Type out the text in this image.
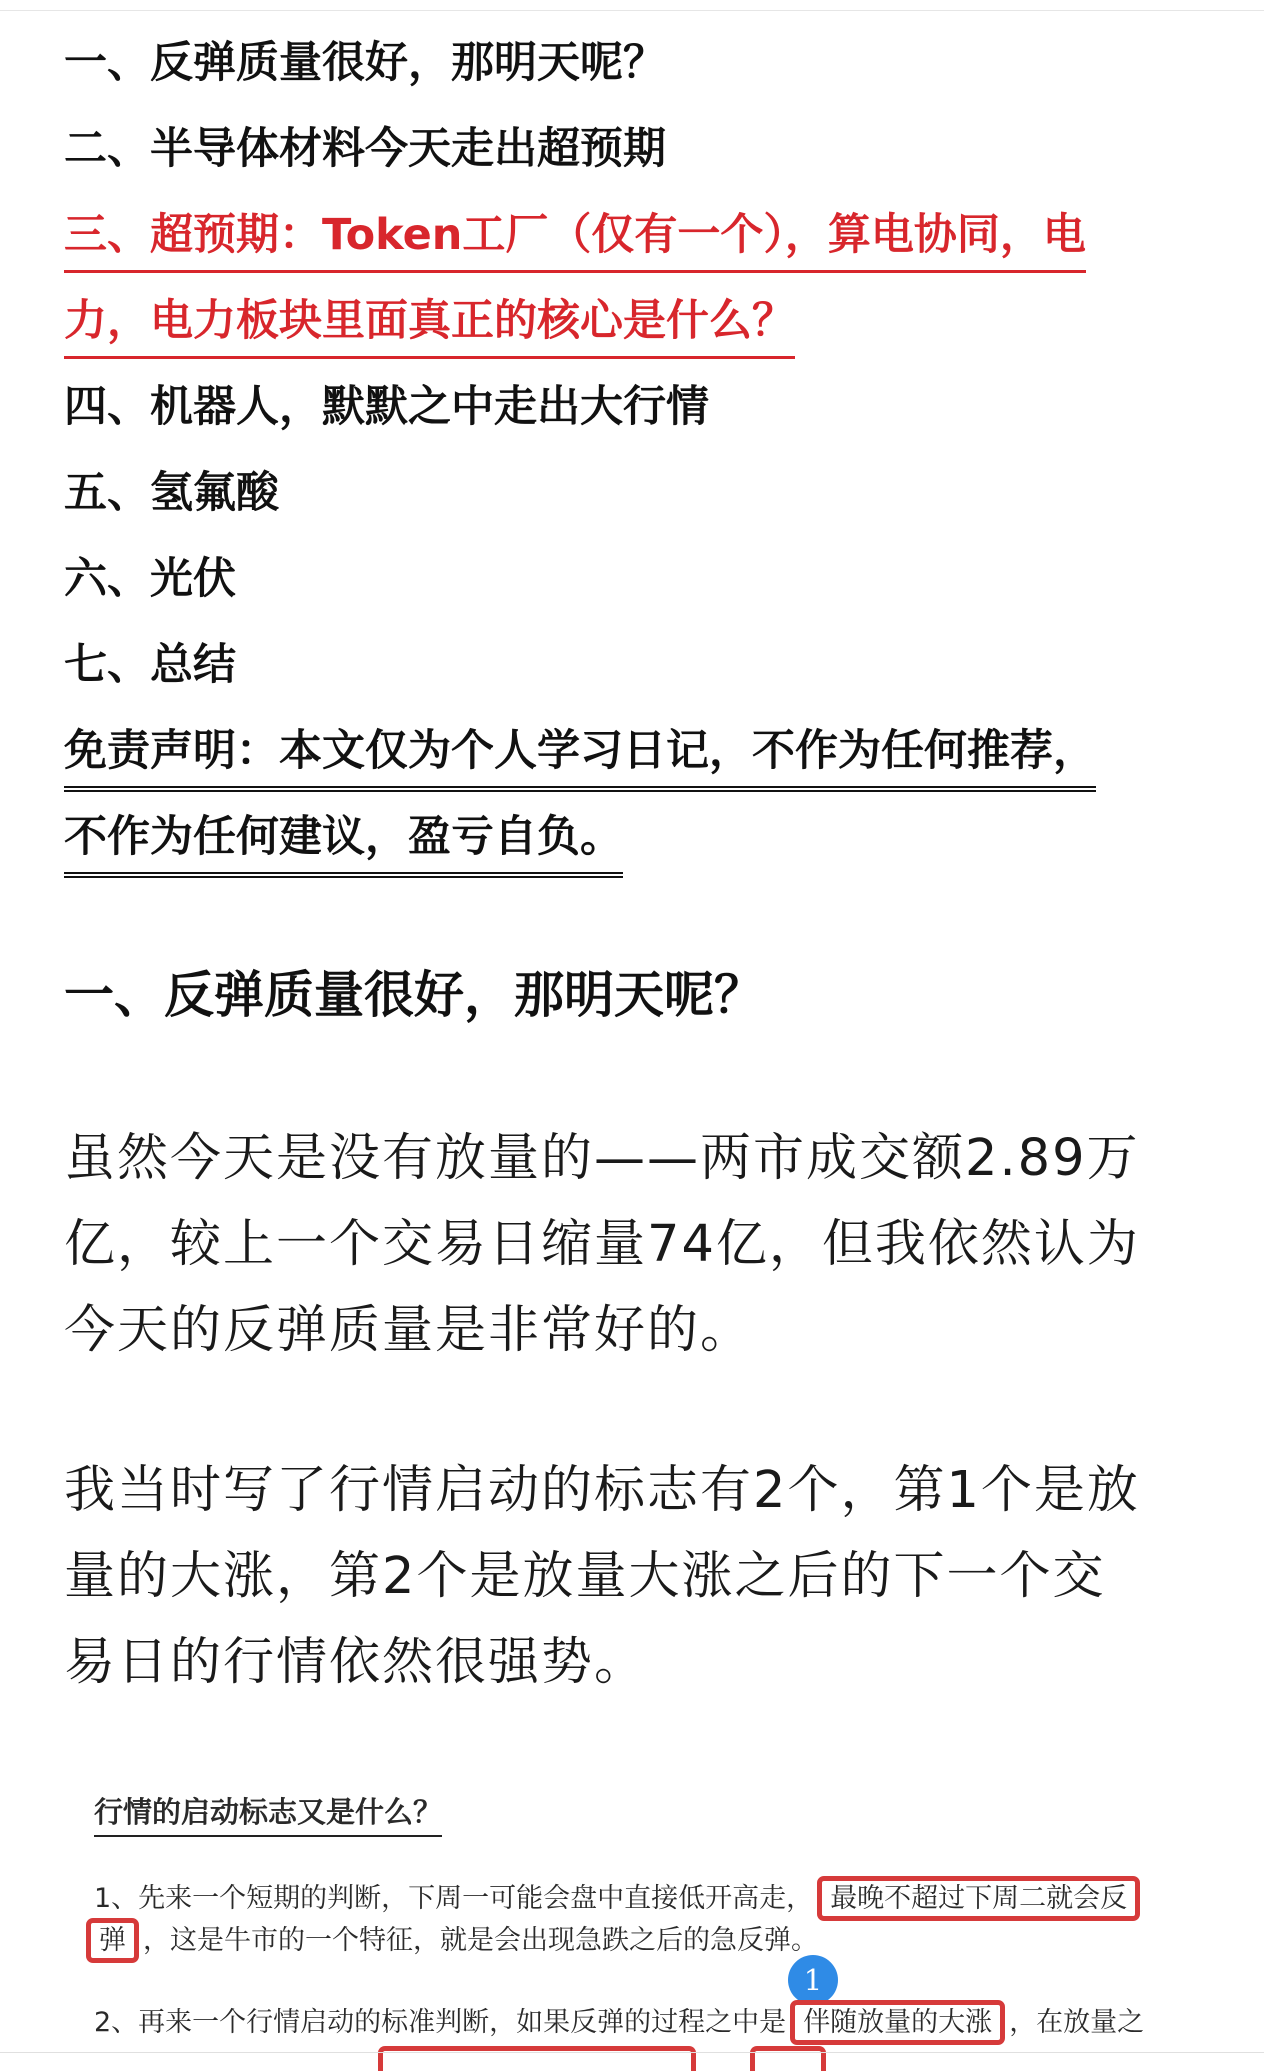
一、反弹质量很好，那明天呢？
二、半导体材料今天走出超预期
三、超预期：Token工厂（仅有一个），算电协同，电
力，电力板块里面真正的核心是什么？
四、机器人，默默之中走出大行情
五、氢氟酸
六、光伏
七、总结
免责声明：本文仅为个人学习日记，不作为任何推荐，
不作为任何建议，盈亏自负。
一、反弹质量很好，那明天呢？
虽然今天是没有放量的——两市成交额2.89万
亿，较上一个交易日缩量74亿，但我依然认为
今天的反弹质量是非常好的。
我当时写了行情启动的标志有2个，第1个是放
量的大涨，第2个是放量大涨之后的下一个交
易日的行情依然很强势。
行情的启动标志又是什么？
1、先来一个短期的判断，下周一可能会盘中直接低开高走， 最晚不超过下周二就会反
弹 ，这是牛市的一个特征，就是会出现急跌之后的急反弹。
1
2、再来一个行情启动的标准判断，如果反弹的过程之中是 伴随放量的大涨 ，在放量之
